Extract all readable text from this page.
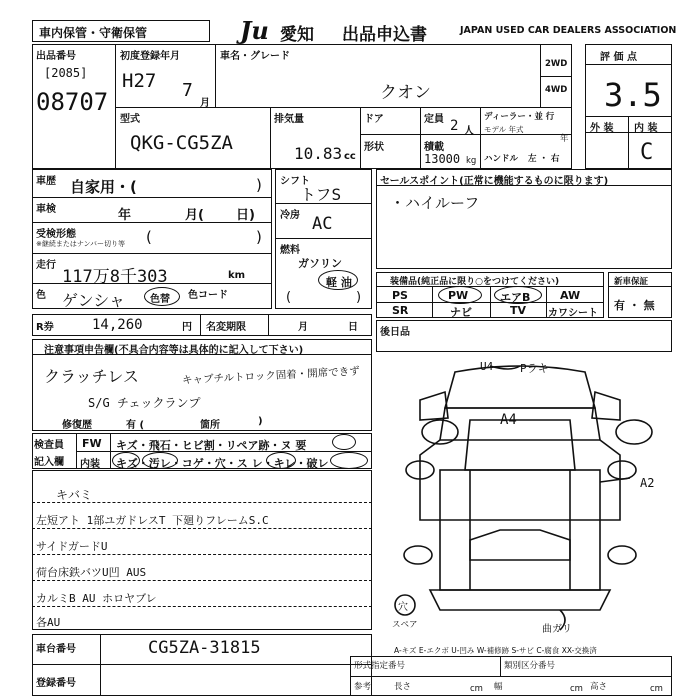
車内保管・守衛保管	Ju 愛知 出品申込書	JAPAN USED CAR DEALERS ASSOCIATION
出品番号
[2085]
08707
初度登録年月
H27 7
月
車名・グレード
クオン
2WD
4WD
型式
QKG-CG5ZA
排気量
10.83 cc
ドア
形状
定員 2 人
積載
13000 kg
ディーラー・並 行
モデル 年式
年
ハンドル 左 ・ 右
評 価 点
3.5
外 装 内 装
C
車歴 自家用・(	)
車検	年	月( 日)
受検形態
※継続またはナンバー切り等 (	)
走行
117万8千303	km
色 ゲンシャ	色替 色コード
シフト
トフS
冷房 AC
燃料
ガソリン
軽 油
(	)
セールスポイント(正常に機能するものに限ります)
・ハイルーフ
装備品(純正品に限り○をつけてください)
PS	PW	エアB	AW
SR	ナビ	TV カワシート
新車保証
有 ・ 無
後日品
R券	14,260	円 名変期限	月	日
注意事項申告欄(不具合内容等は具体的に記入して下さい)
クラッチレス	キャブチルトロック固着・開席できず
S/G チェックランプ
修復歴	有 (	箇所	)
検査員
記入欄
FW キズ・飛石・ヒビ割・リペア跡・ヌ 要
内装 キズ・汚レ・コゲ・穴・ス レ・キレ・破レ
キバミ
左短アト 1部ユガドレスT 下廻りフレームS.C
サイドガードU
荷台床鉄バツU凹 AUS
カルミB AU ホロヤブレ
各AU
U4 Pラキ
A4
A2
穴
スペア	曲ガリ
A-キズ E-エクボ U-凹み W-補修跡 S-サビ C-腐食 XX-交換済
車台番号	CG5ZA-31815
登録番号
形式指定番号	類別区分番号
参考	長さ	cm 幅	cm 高さ	cm
